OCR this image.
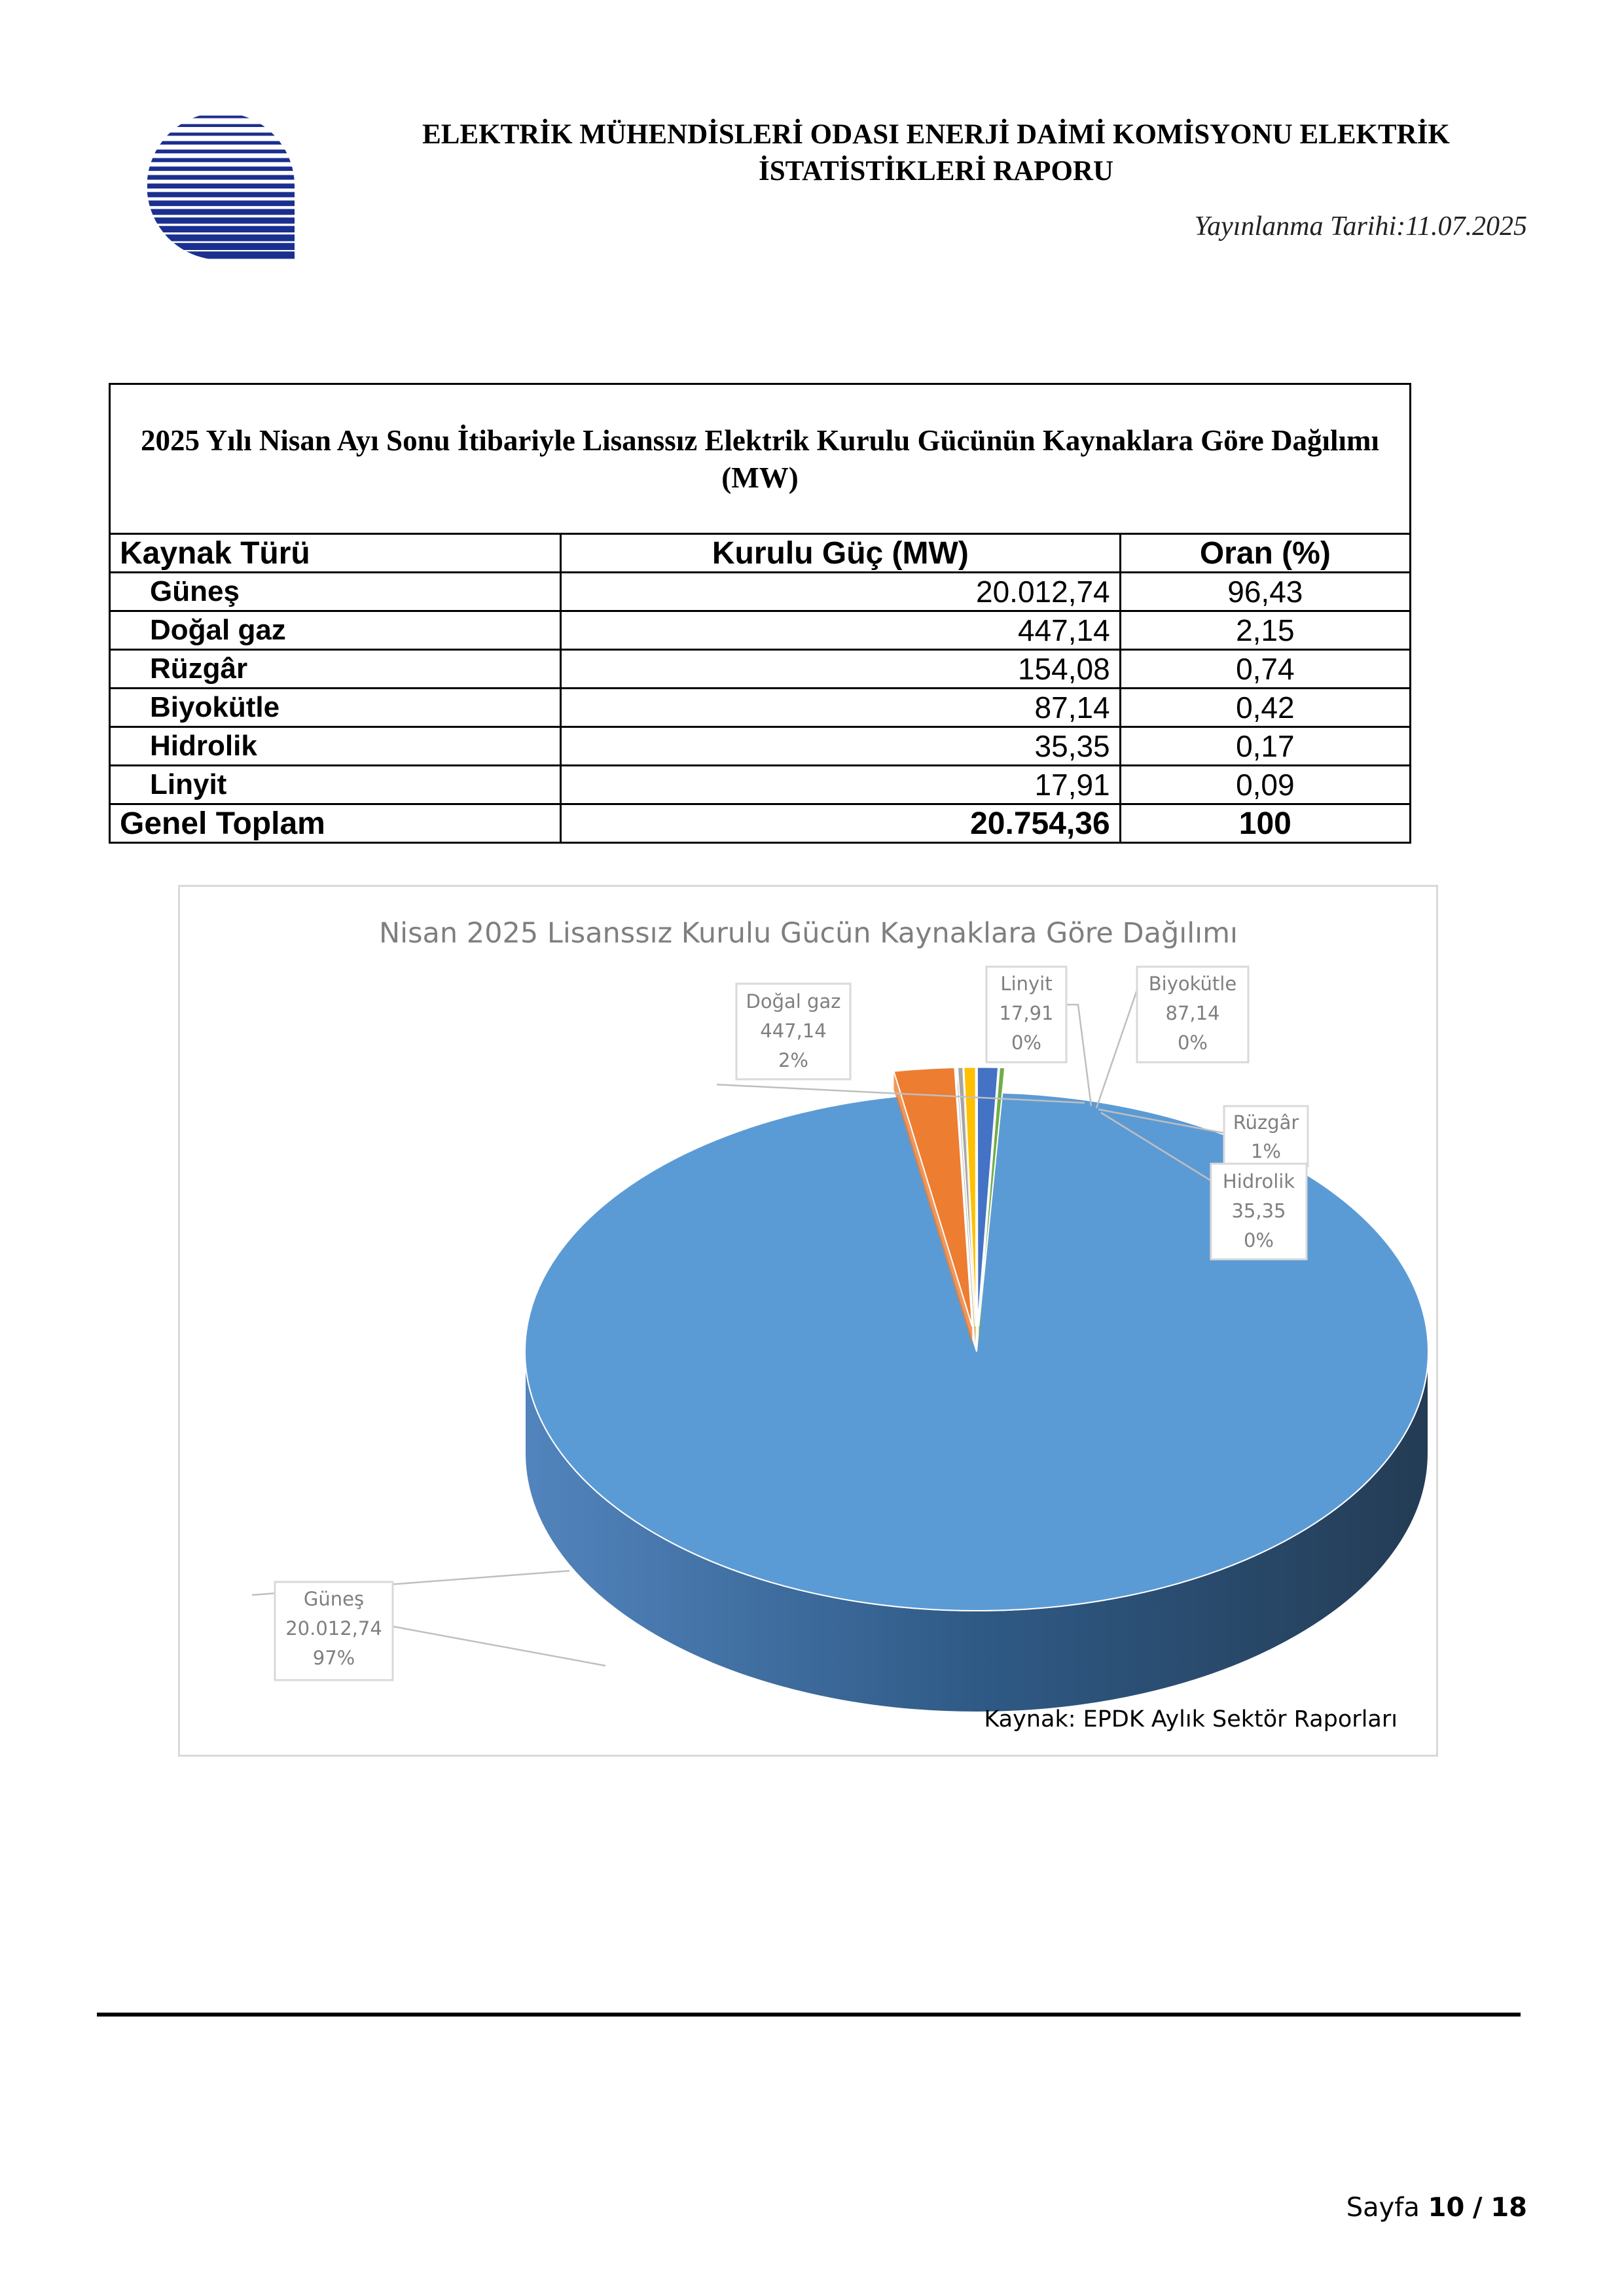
ELEKTRİK MÜHENDİSLERİ ODASI ENERJİ DAİMİ KOMİSYONU ELEKTRİK
İSTATİSTİKLERİ RAPORU
Yayınlanma Tarihi:11.07.2025
2025 Yılı Nisan Ayı Sonu İtibariyle Lisanssız Elektrik Kurulu Gücünün Kaynaklara Göre Dağılımı (MW)		
Kaynak Türü	Kurulu Güç (MW)	Oran (%)
Güneş	20.012,74	96,43
Doğal gaz	447,14	2,15
Rüzgâr	154,08	0,74
Biyokütle	87,14	0,42
Hidrolik	35,35	0,17
Linyit	17,91	0,09
Genel Toplam	20.754,36	100
Nisan 2025 Lisanssız Kurulu Gücün Kaynaklara Göre Dağılımı
Doğal gaz
447,14
2%
Linyit
17,91
0%
Biyokütle
87,14
0%
Rüzgâr
1%
Hidrolik
35,35
0%
Güneş
20.012,74
97%
Kaynak: EPDK Aylık Sektör Raporları
Sayfa 10 / 18
